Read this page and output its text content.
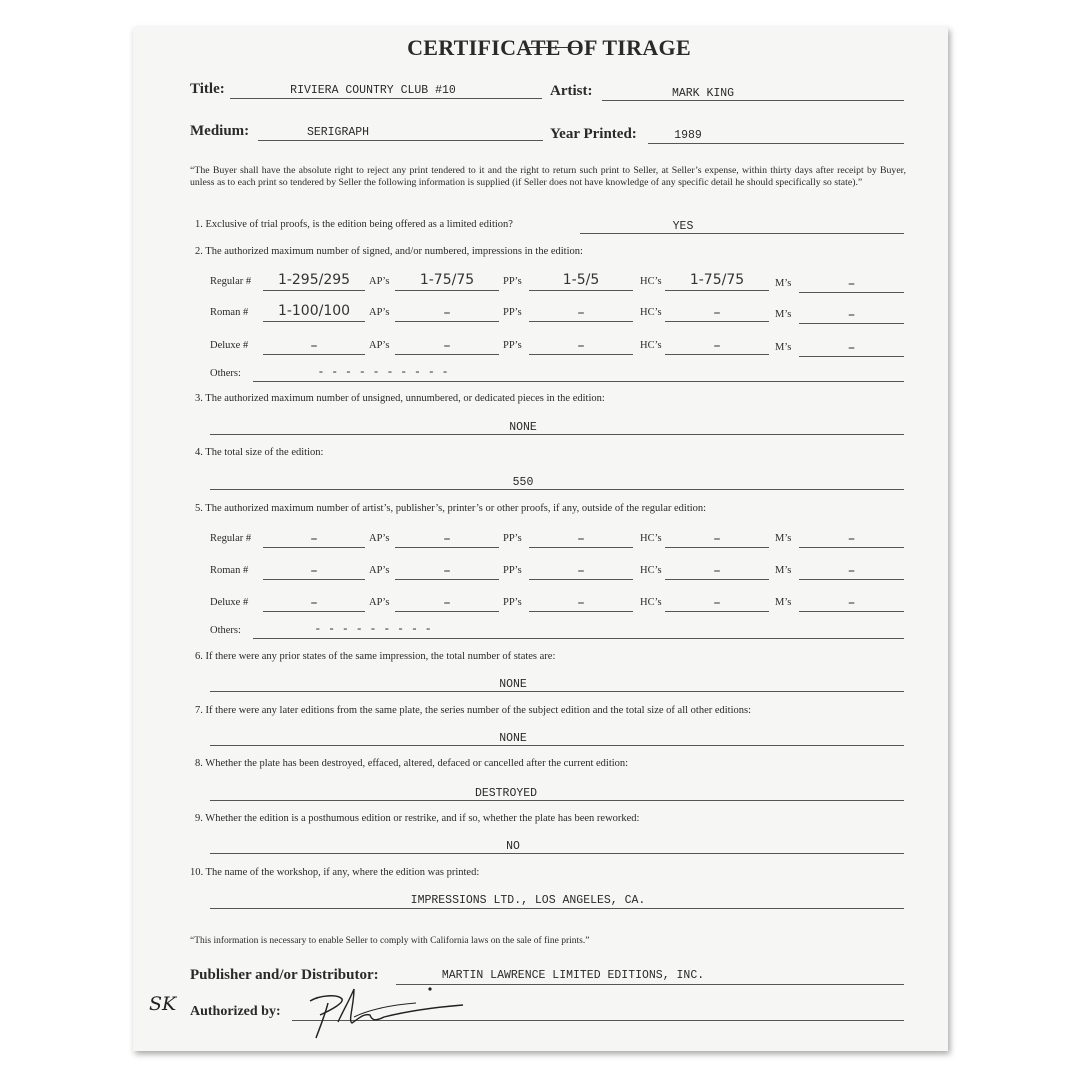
CERTIFICATE OF TIRAGE
Title:	RIVIERA COUNTRY CLUB #10	Artist:	MARK KING
Medium:	SERIGRAPH	Year Printed:	1989
“The Buyer shall have the absolute right to reject any print tendered to it and the right to return such print to Seller, at Seller’s expense, within thirty days after receipt by Buyer, unless as to each print so tendered by Seller the following information is supplied (if Seller does not have knowledge of any specific detail he should specifically so state).”
1. Exclusive of trial proofs, is the edition being offered as a limited edition?	YES
2. The authorized maximum number of signed, and/or numbered, impressions in the edition:
Regular #	1-295/295	AP’s	1-75/75	PP’s	1-5/5	HC’s	1-75/75	M’s	–
Roman #	1-100/100	AP’s	–	PP’s	–	HC’s	–	M’s	–
Deluxe #	–	AP’s	–	PP’s	–	HC’s	–	M’s	–
Others:	- - - - - - - - - -
3. The authorized maximum number of unsigned, unnumbered, or dedicated pieces in the edition:
NONE
4. The total size of the edition:
550
5. The authorized maximum number of artist’s, publisher’s, printer’s or other proofs, if any, outside of the regular edition:
Regular #	–	AP’s	–	PP’s	–	HC’s	–	M’s	–
Roman #	–	AP’s	–	PP’s	–	HC’s	–	M’s	–
Deluxe #	–	AP’s	–	PP’s	–	HC’s	–	M’s	–
Others:	- - - - - - - - -
6. If there were any prior states of the same impression, the total number of states are:
NONE
7. If there were any later editions from the same plate, the series number of the subject edition and the total size of all other editions:
NONE
8. Whether the plate has been destroyed, effaced, altered, defaced or cancelled after the current edition:
DESTROYED
9. Whether the edition is a posthumous edition or restrike, and if so, whether the plate has been reworked:
NO
10. The name of the workshop, if any, where the edition was printed:
IMPRESSIONS LTD., LOS ANGELES, CA.
“This information is necessary to enable Seller to comply with California laws on the sale of fine prints.”
Publisher and/or Distributor:	MARTIN LAWRENCE LIMITED EDITIONS, INC.
SK Authorized by:
